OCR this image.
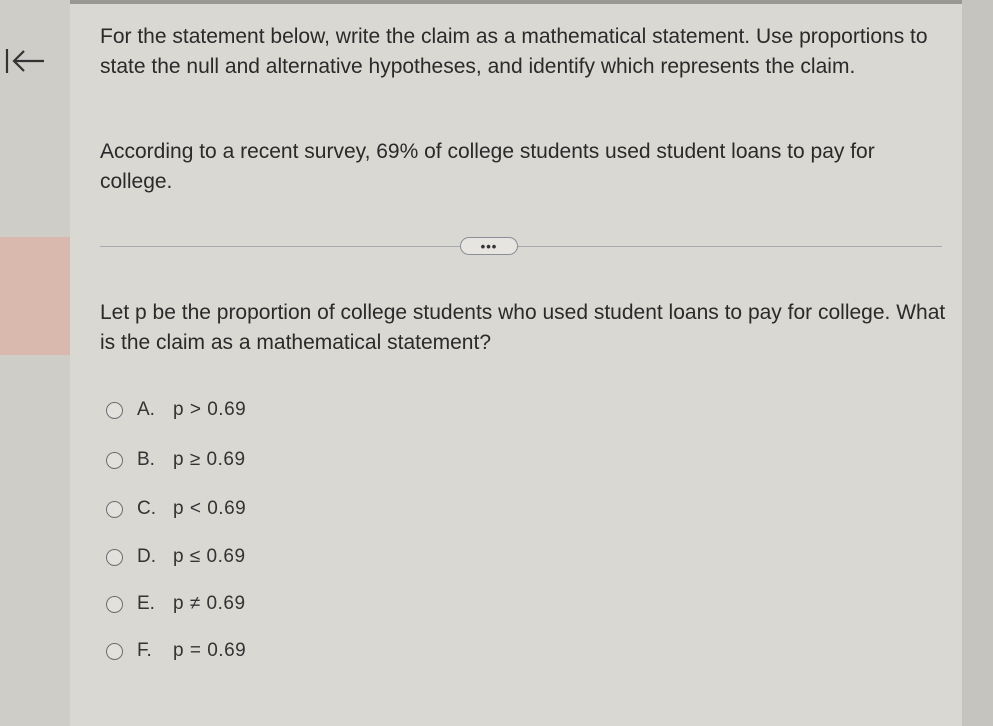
For the statement below, write the claim as a mathematical statement. Use proportions to state the null and alternative hypotheses, and identify which represents the claim.

According to a recent survey, 69% of college students used student loans to pay for college.

•••

Let p be the proportion of college students who used student loans to pay for college. What is the claim as a mathematical statement?

A. p > 0.69
B. p ≥ 0.69
C. p < 0.69
D. p ≤ 0.69
E. p ≠ 0.69
F.	p = 0.69
